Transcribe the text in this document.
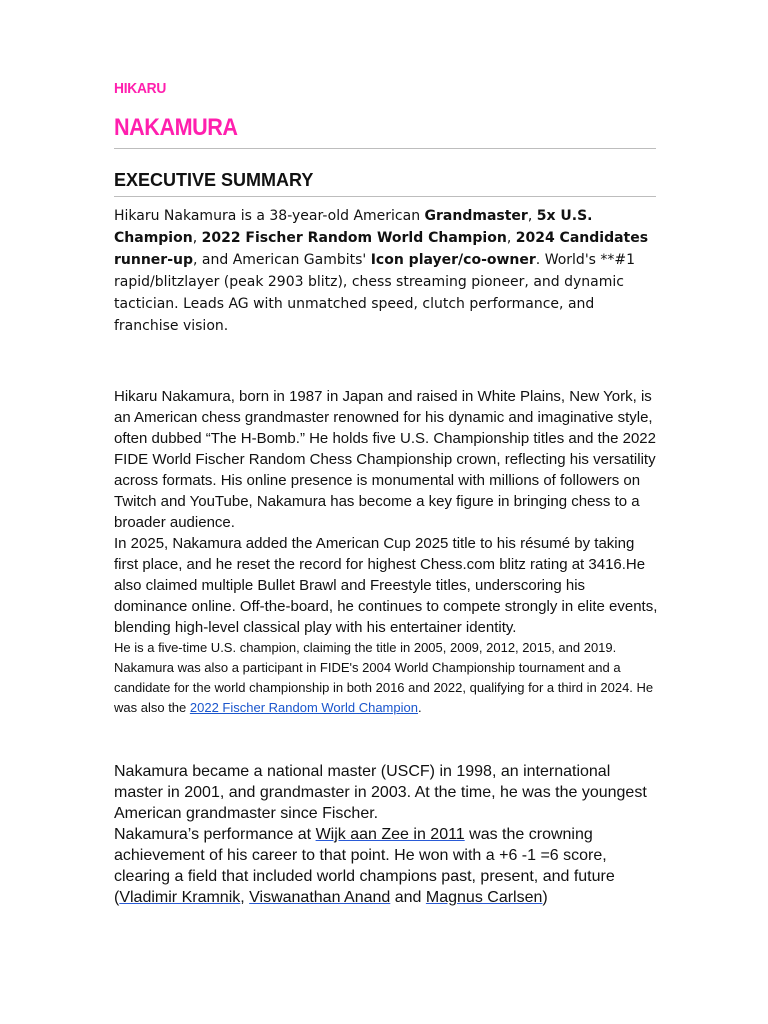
HIKARU
NAKAMURA
EXECUTIVE SUMMARY
Hikaru Nakamura is a 38-year-old American Grandmaster, 5x U.S. Champion, 2022 Fischer Random World Champion, 2024 Candidates runner-up, and American Gambits' Icon player/co-owner. World's **#1 rapid/blitzlayer (peak 2903 blitz), chess streaming pioneer, and dynamic tactician. Leads AG with unmatched speed, clutch performance, and franchise vision.

Hikaru Nakamura, born in 1987 in Japan and raised in White Plains, New York, is an American chess grandmaster renowned for his dynamic and imaginative style, often dubbed “The H-Bomb.” He holds five U.S. Championship titles and the 2022 FIDE World Fischer Random Chess Championship crown, reflecting his versatility across formats. His online presence is monumental with millions of followers on Twitch and YouTube, Nakamura has become a key figure in bringing chess to a broader audience.

In 2025, Nakamura added the American Cup 2025 title to his résumé by taking first place, and he reset the record for highest Chess.com blitz rating at 3416.He also claimed multiple Bullet Brawl and Freestyle titles, underscoring his dominance online. Off-the-board, he continues to compete strongly in elite events, blending high-level classical play with his entertainer identity.

He is a five-time U.S. champion, claiming the title in 2005, 2009, 2012, 2015, and 2019. Nakamura was also a participant in FIDE's 2004 World Championship tournament and a candidate for the world championship in both 2016 and 2022, qualifying for a third in 2024. He was also the 2022 Fischer Random World Champion.

Nakamura became a national master (USCF) in 1998, an international master in 2001, and grandmaster in 2003. At the time, he was the youngest American grandmaster since Fischer.

Nakamura’s performance at Wijk aan Zee in 2011 was the crowning achievement of his career to that point. He won with a +6 -1 =6 score, clearing a field that included world champions past, present, and future (Vladimir Kramnik, Viswanathan Anand and Magnus Carlsen)
